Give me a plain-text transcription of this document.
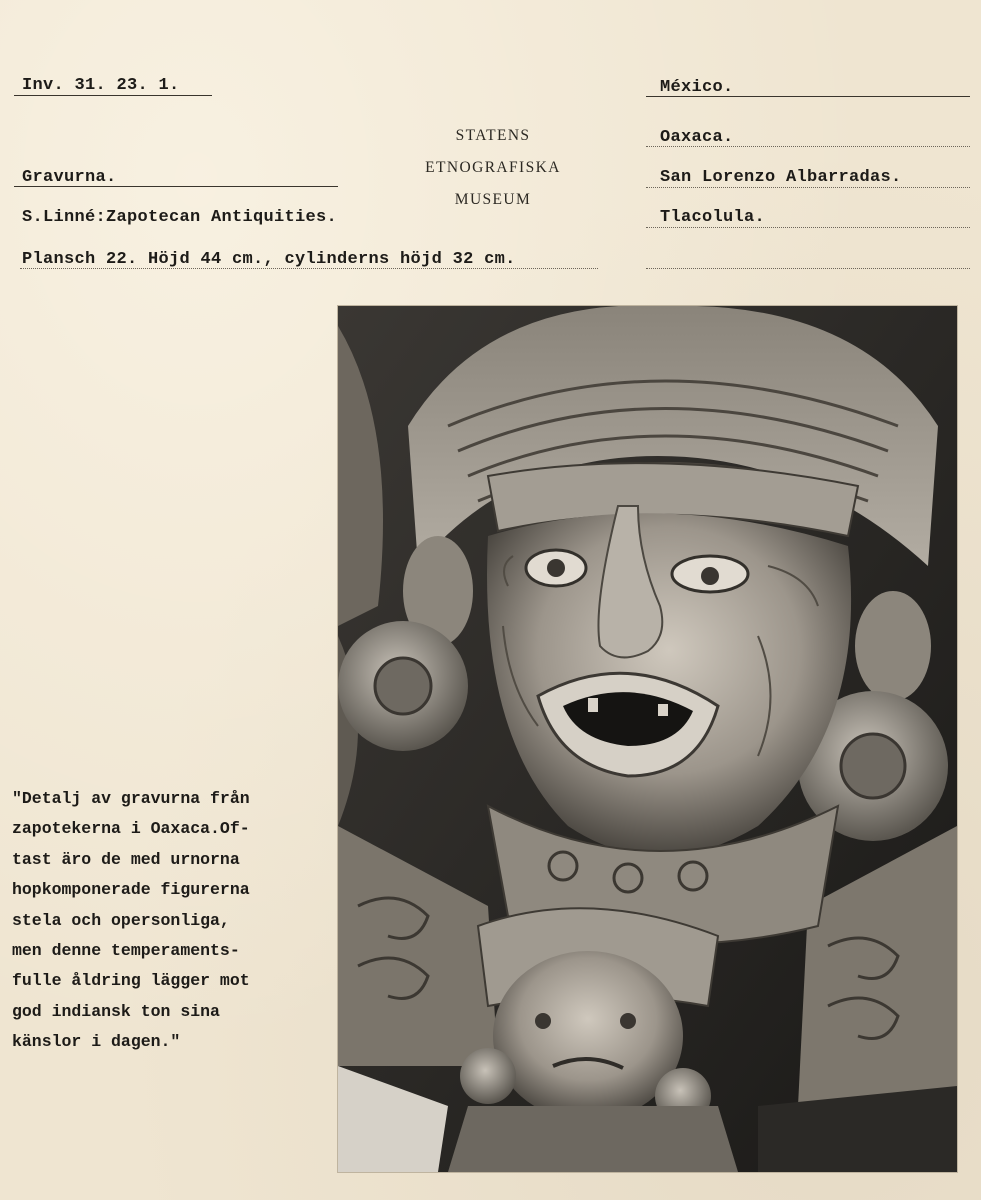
Inv. 31. 23. 1.	México.
STATENS
ETNOGRAFISKA
MUSEUM
Gravurna.
S.Linné:Zapotecan Antiquities.
Plansch 22. Höjd 44 cm., cylinderns höjd 32 cm.
Oaxaca.
San Lorenzo Albarradas.
Tlacolula.
"Detalj av gravurna från
zapotekerna i Oaxaca.Of-
tast äro de med urnorna
hopkomponerade figurerna
stela och opersonliga,
men denne temperaments-
fulle åldring lägger mot
god indiansk ton sina
känslor i dagen."
